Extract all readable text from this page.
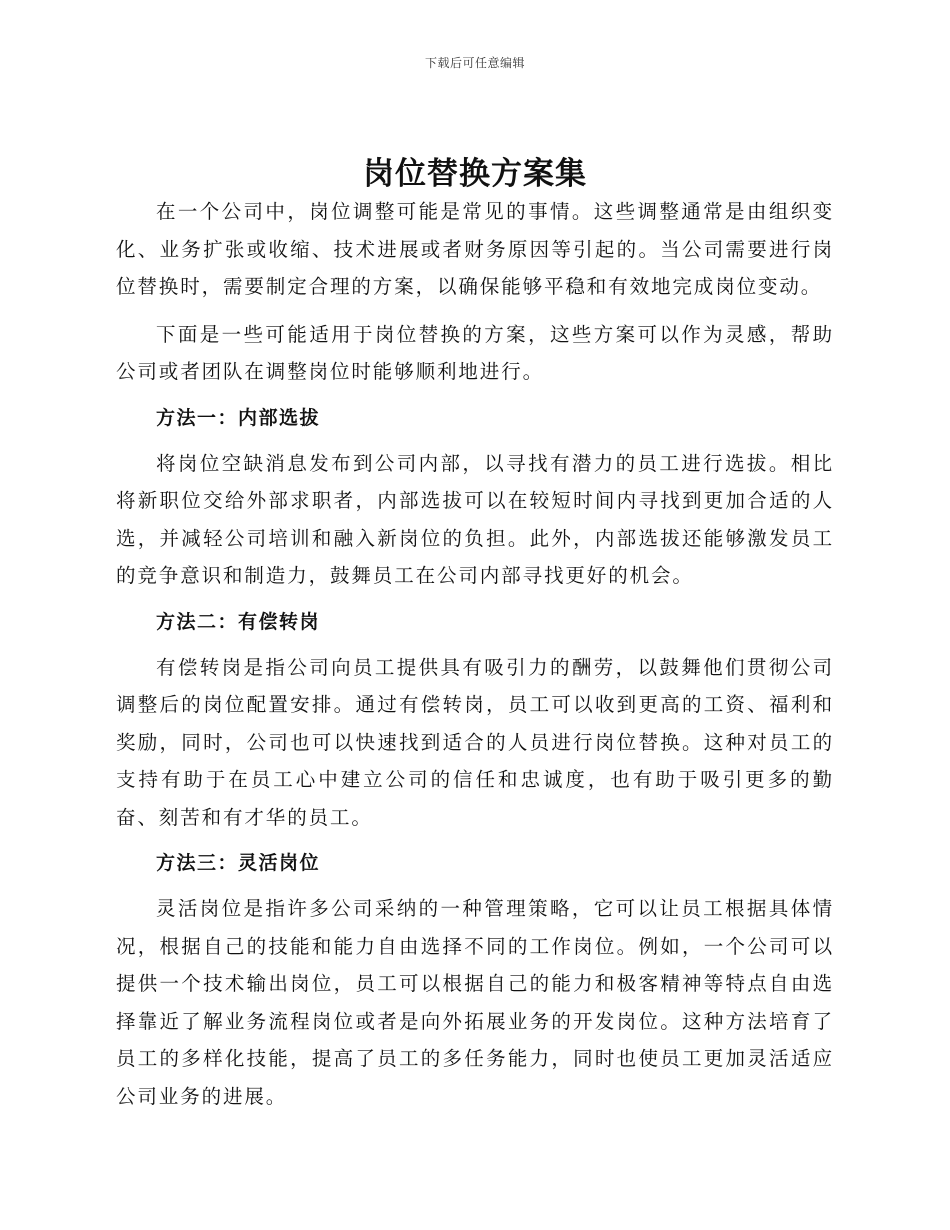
下载后可任意编辑
岗位替换方案集

在一个公司中，岗位调整可能是常见的事情。这些调整通常是由组织变化、业务扩张或收缩、技术进展或者财务原因等引起的。当公司需要进行岗位替换时，需要制定合理的方案，以确保能够平稳和有效地完成岗位变动。

下面是一些可能适用于岗位替换的方案，这些方案可以作为灵感，帮助公司或者团队在调整岗位时能够顺利地进行。

方法一：内部选拔

将岗位空缺消息发布到公司内部，以寻找有潜力的员工进行选拔。相比将新职位交给外部求职者，内部选拔可以在较短时间内寻找到更加合适的人选，并减轻公司培训和融入新岗位的负担。此外，内部选拔还能够激发员工的竞争意识和制造力，鼓舞员工在公司内部寻找更好的机会。

方法二：有偿转岗

有偿转岗是指公司向员工提供具有吸引力的酬劳，以鼓舞他们贯彻公司调整后的岗位配置安排。通过有偿转岗，员工可以收到更高的工资、福利和奖励，同时，公司也可以快速找到适合的人员进行岗位替换。这种对员工的支持有助于在员工心中建立公司的信任和忠诚度，也有助于吸引更多的勤奋、刻苦和有才华的员工。

方法三：灵活岗位

灵活岗位是指许多公司采纳的一种管理策略，它可以让员工根据具体情况，根据自己的技能和能力自由选择不同的工作岗位。例如，一个公司可以提供一个技术输出岗位，员工可以根据自己的能力和极客精神等特点自由选择靠近了解业务流程岗位或者是向外拓展业务的开发岗位。这种方法培育了员工的多样化技能，提高了员工的多任务能力，同时也使员工更加灵活适应公司业务的进展。
